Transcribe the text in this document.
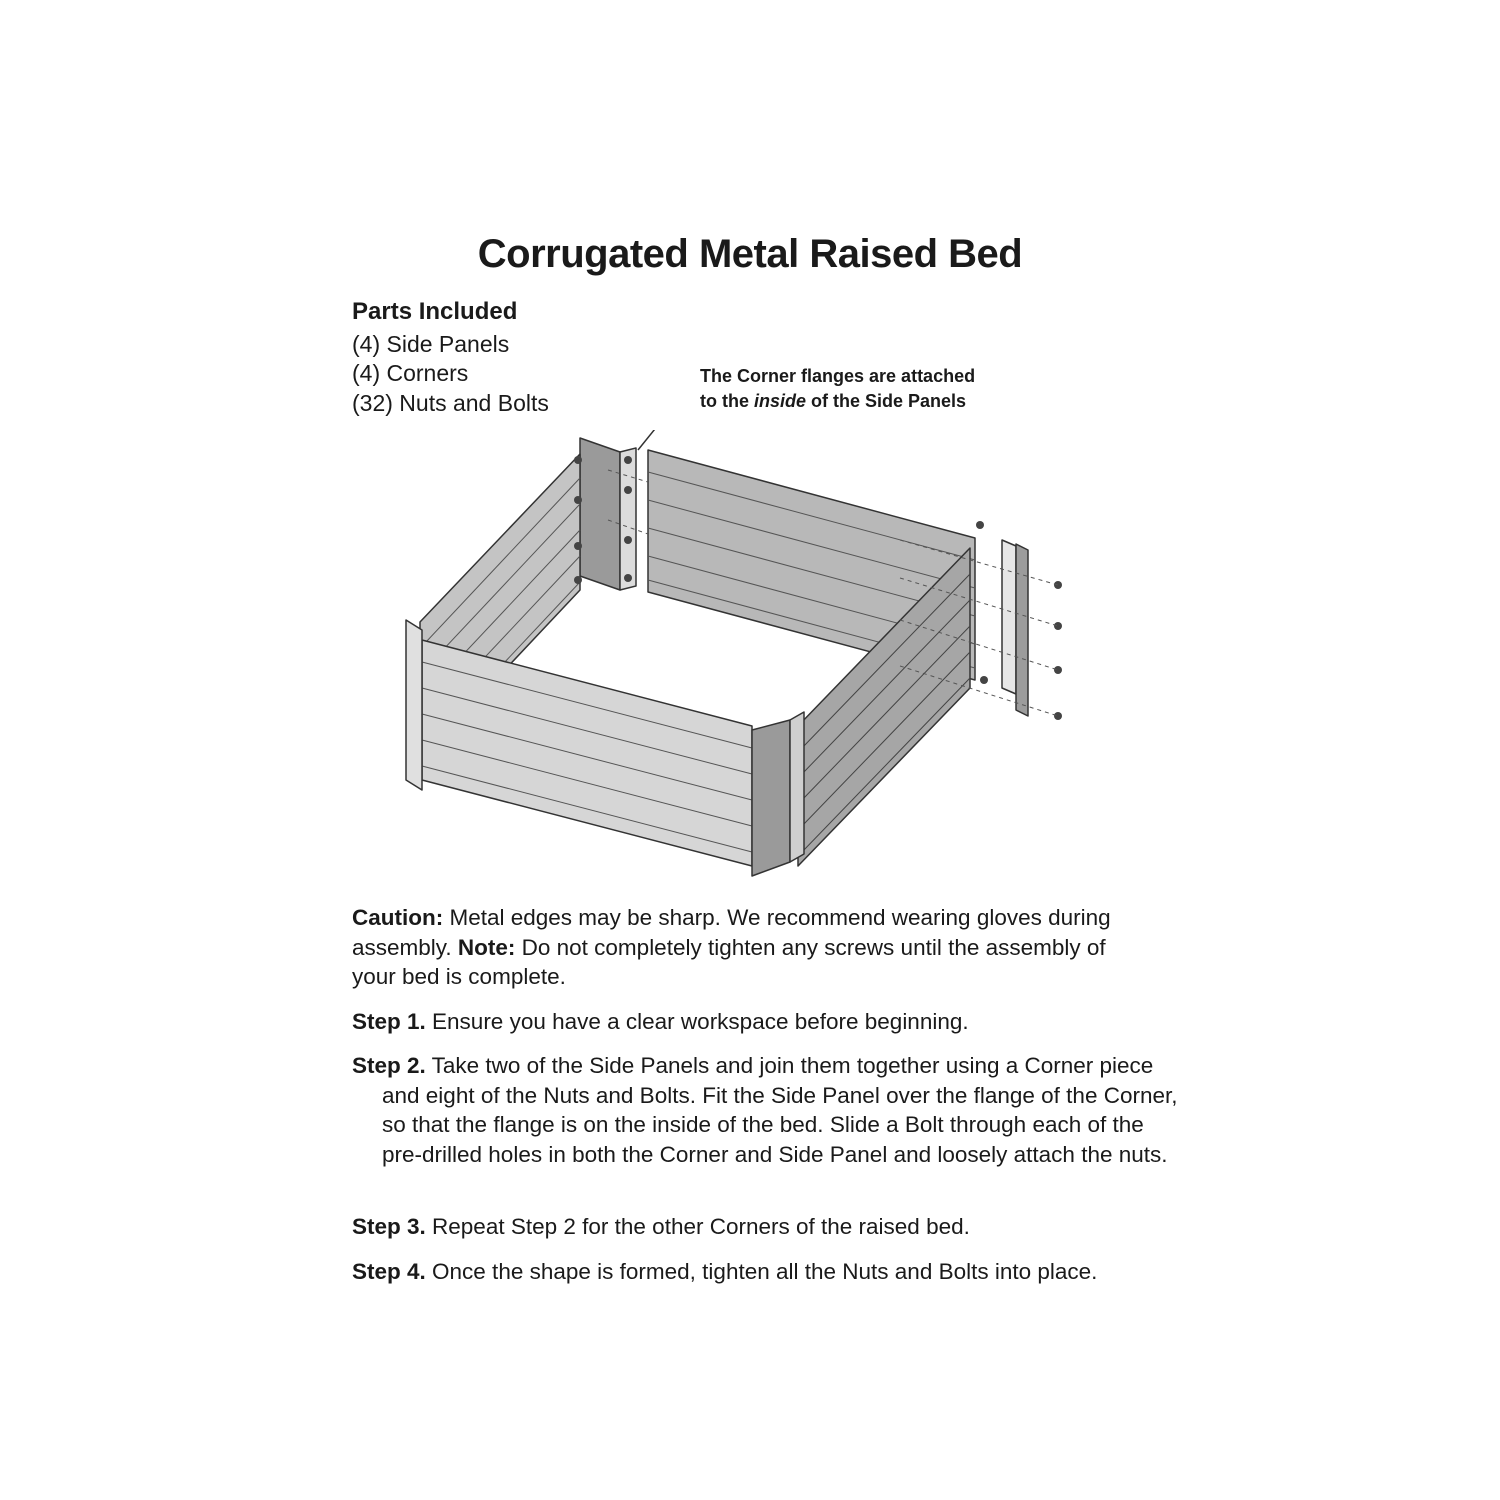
Corrugated Metal Raised Bed
Parts Included
(4) Side Panels
(4) Corners
(32) Nuts and Bolts
The Corner flanges are attached
to the inside of the Side Panels
Caution: Metal edges may be sharp. We recommend wearing gloves during assembly. Note: Do not completely tighten any screws until the assembly of your bed is complete.
Step 1. Ensure you have a clear workspace before beginning.
Step 2. Take two of the Side Panels and join them together using a Corner piece and eight of the Nuts and Bolts. Fit the Side Panel over the flange of the Corner, so that the flange is on the inside of the bed. Slide a Bolt through each of the pre-drilled holes in both the Corner and Side Panel and loosely attach the nuts.
Step 3. Repeat Step 2 for the other Corners of the raised bed.
Step 4. Once the shape is formed, tighten all the Nuts and Bolts into place.
